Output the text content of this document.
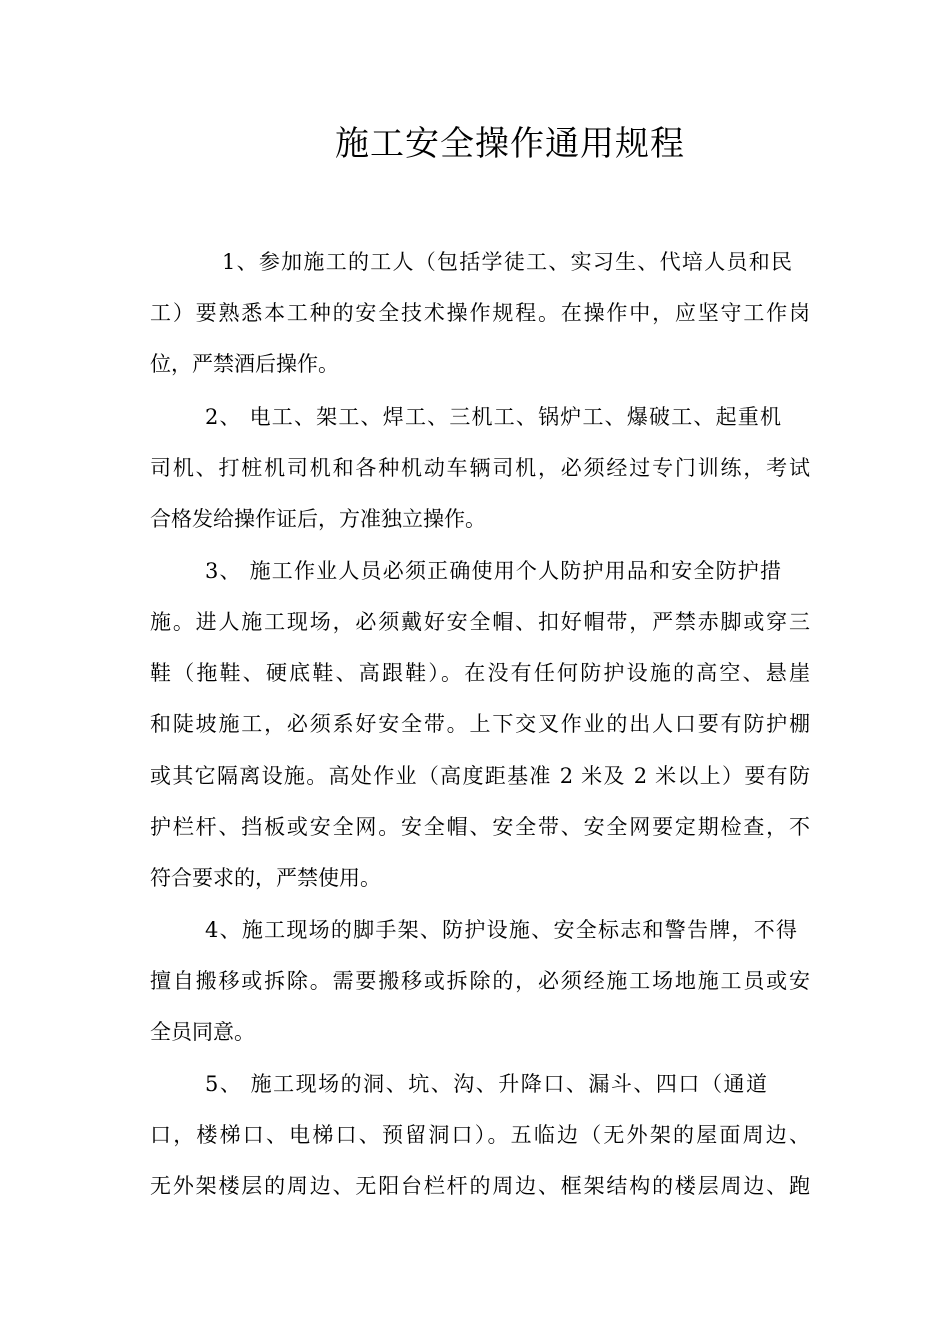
施工安全操作通用规程
1、参加施工的工人（包括学徒工、实习生、代培人员和民
工）要熟悉本工种的安全技术操作规程。在操作中，应坚守工作岗
位，严禁酒后操作。
2、 电工、架工、焊工、三机工、锅炉工、爆破工、起重机
司机、打桩机司机和各种机动车辆司机，必须经过专门训练，考试
合格发给操作证后，方准独立操作。
3、 施工作业人员必须正确使用个人防护用品和安全防护措
施。进人施工现场，必须戴好安全帽、扣好帽带，严禁赤脚或穿三
鞋（拖鞋、硬底鞋、高跟鞋）。在没有任何防护设施的高空、悬崖
和陡坡施工，必须系好安全带。上下交叉作业的出人口要有防护棚
或其它隔离设施。高处作业（高度距基准 2 米及 2 米以上）要有防
护栏杆、挡板或安全网。安全帽、安全带、安全网要定期检查，不
符合要求的，严禁使用。
4、施工现场的脚手架、防护设施、安全标志和警告牌，不得
擅自搬移或拆除。需要搬移或拆除的，必须经施工场地施工员或安
全员同意。
5、 施工现场的洞、坑、沟、升降口、漏斗、四口（通道
口，楼梯口、电梯口、预留洞口）。五临边（无外架的屋面周边、
无外架楼层的周边、无阳台栏杆的周边、框架结构的楼层周边、跑
